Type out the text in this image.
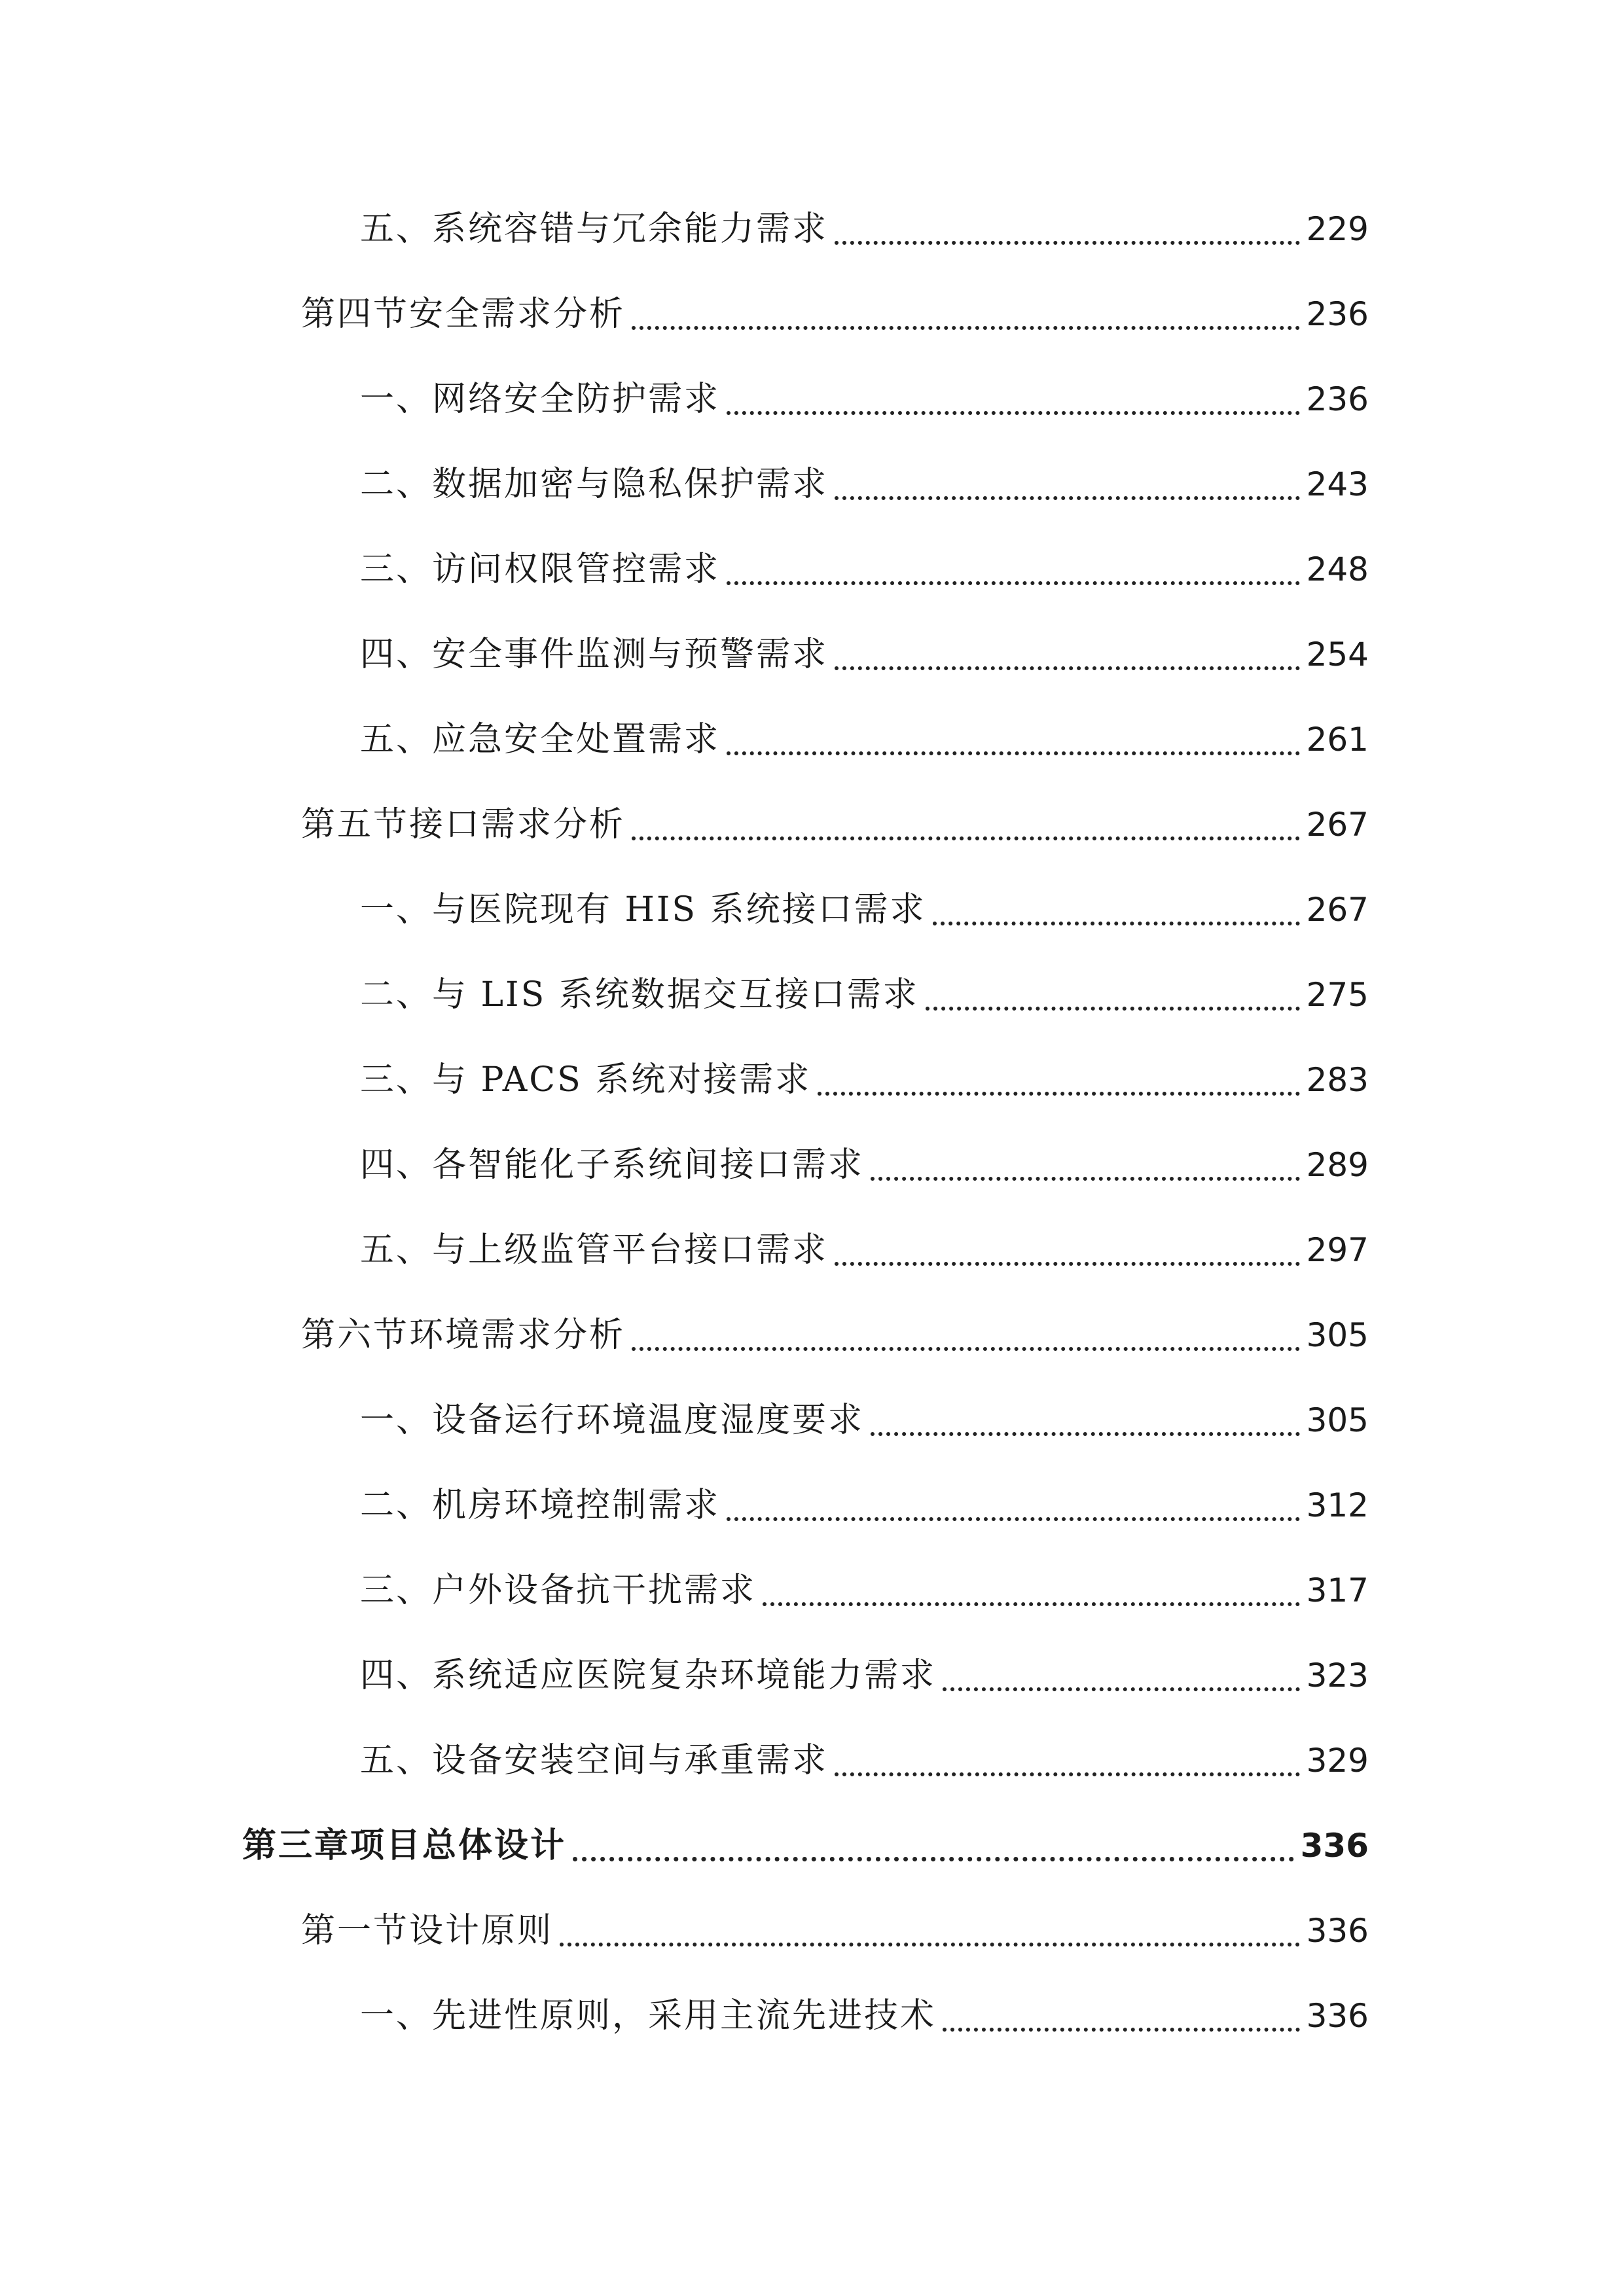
五、系统容错与冗余能力需求	229
第四节安全需求分析	236
一、网络安全防护需求	236
二、数据加密与隐私保护需求	243
三、访问权限管控需求	248
四、安全事件监测与预警需求	254
五、应急安全处置需求	261
第五节接口需求分析	267
一、与医院现有 HIS 系统接口需求	267
二、与 LIS 系统数据交互接口需求	275
三、与 PACS 系统对接需求	283
四、各智能化子系统间接口需求	289
五、与上级监管平台接口需求	297
第六节环境需求分析	305
一、设备运行环境温度湿度要求	305
二、机房环境控制需求	312
三、户外设备抗干扰需求	317
四、系统适应医院复杂环境能力需求	323
五、设备安装空间与承重需求	329
第三章项目总体设计	336
第一节设计原则	336
一、先进性原则，采用主流先进技术	336
